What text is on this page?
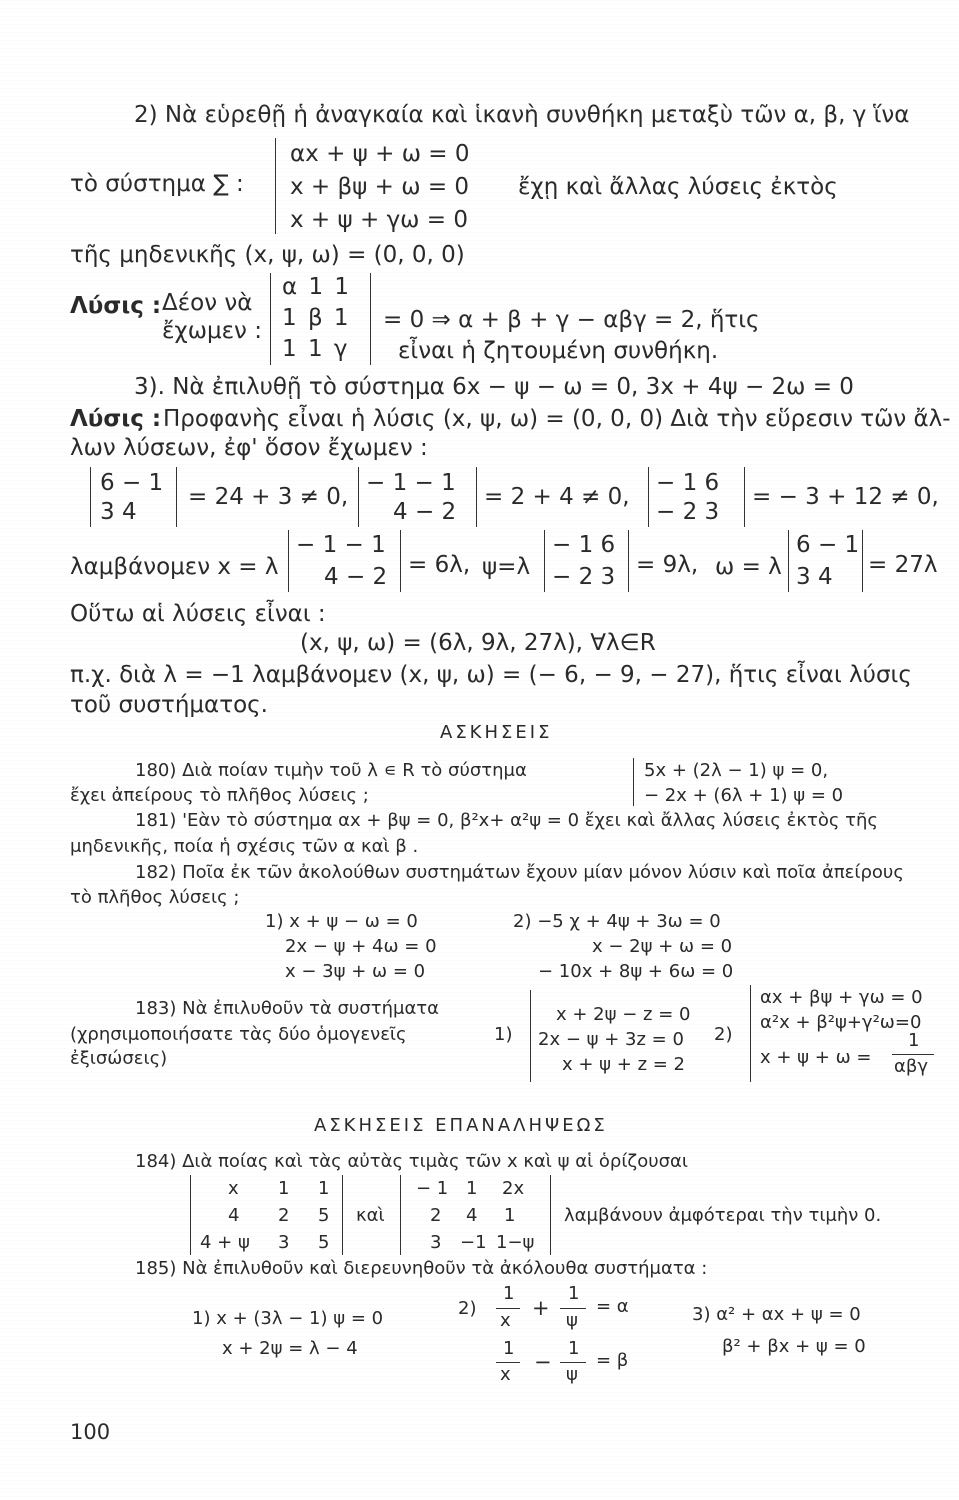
2) Νὰ εὑρεθῇ ἡ ἀναγκαία καὶ ἱκανὴ συνθήκη μεταξὺ τῶν α, β, γ ἵνα
τὸ σύστημα ∑ :
αx + ψ + ω = 0
x + βψ + ω = 0
x + ψ + γω = 0
ἔχῃ καὶ ἄλλας λύσεις ἐκτὸς
τῆς μηδενικῆς (x, ψ, ω) = (0, 0, 0)
Λύσις : Δέον νὰ
ἔχωμεν :
α 1 1
1 β 1
1 1 γ
= 0 ⇒ α + β + γ − αβγ = 2, ἥτις
εἶναι ἡ ζητουμένη συνθήκη.
3). Νὰ ἐπιλυθῇ τὸ σύστημα 6x − ψ − ω = 0, 3x + 4ψ − 2ω = 0
Λύσις : Προφανὴς εἶναι ἡ λύσις (x, ψ, ω) = (0, 0, 0) Διὰ τὴν εὕρεσιν τῶν ἄλ-
λων λύσεων, ἐφ' ὅσον ἔχωμεν :
6 − 1
3 4
= 24 + 3 ≠ 0,
− 1 − 1
4 − 2
= 2 + 4 ≠ 0,
− 1 6
− 2 3
= − 3 + 12 ≠ 0,
λαμβάνομεν x = λ
− 1 − 1
4 − 2 = 6λ, ψ=λ
− 1 6
− 2 3 = 9λ, ω = λ
6 − 1
3 4 = 27λ
Οὕτω αἱ λύσεις εἶναι :
(x, ψ, ω) = (6λ, 9λ, 27λ), ∀λ∈R
π.χ. διὰ λ = −1 λαμβάνομεν (x, ψ, ω) = (− 6, − 9, − 27), ἥτις εἶναι λύσις
τοῦ συστήματος.
ΑΣΚΗΣΕΙΣ
180) Διὰ ποίαν τιμὴν τοῦ λ ∊ R τὸ σύστημα
ἔχει ἀπείρους τὸ πλῆθος λύσεις ;
5x + (2λ − 1) ψ = 0,
− 2x + (6λ + 1) ψ = 0
181) 'Εὰν τὸ σύστημα αx + βψ = 0, β²x+ α²ψ = 0 ἔχει καὶ ἄλλας λύσεις ἐκτὸς τῆς
μηδενικῆς, ποία ἡ σχέσις τῶν α καὶ β .
182) Ποῖα ἐκ τῶν ἀκολούθων συστημάτων ἔχουν μίαν μόνον λύσιν καὶ ποῖα ἀπείρους
τὸ πλῆθος λύσεις ;
1) x + ψ − ω = 0
2x − ψ + 4ω = 0
x − 3ψ + ω = 0
2) −5 χ + 4ψ + 3ω = 0
x − 2ψ + ω = 0
− 10x + 8ψ + 6ω = 0
183) Νὰ ἐπιλυθοῦν τὰ συστήματα
(χρησιμοποιήσατε τὰς δύο ὁμογενεῖς
ἐξισώσεις)
1)
x + 2ψ − z = 0
2x − ψ + 3z = 0
x + ψ + z = 2
2)
αx + βψ + γω = 0
α²x + β²ψ+γ²ω=0
x + ψ + ω =
1
αβγ
ΑΣΚΗΣΕΙΣ ΕΠΑΝΑΛΗΨΕΩΣ
184) Διὰ ποίας καὶ τὰς αὐτὰς τιμὰς τῶν x καὶ ψ αἱ ὁρίζουσαι
x 1 1
4 2 5
4 + ψ 3 5
καὶ
− 1 1 2x
2 4 1
3 −1 1−ψ
λαμβάνουν ἀμφότεραι τὴν τιμὴν 0.
185) Νὰ ἐπιλυθοῦν καὶ διερευνηθοῦν τὰ ἀκόλουθα συστήματα :
1) x + (3λ − 1) ψ = 0
x + 2ψ = λ − 4
2)
1
x
+
1
ψ
= α
1
x
−
1
ψ
= β
3) α² + αx + ψ = 0
β² + βx + ψ = 0
100
